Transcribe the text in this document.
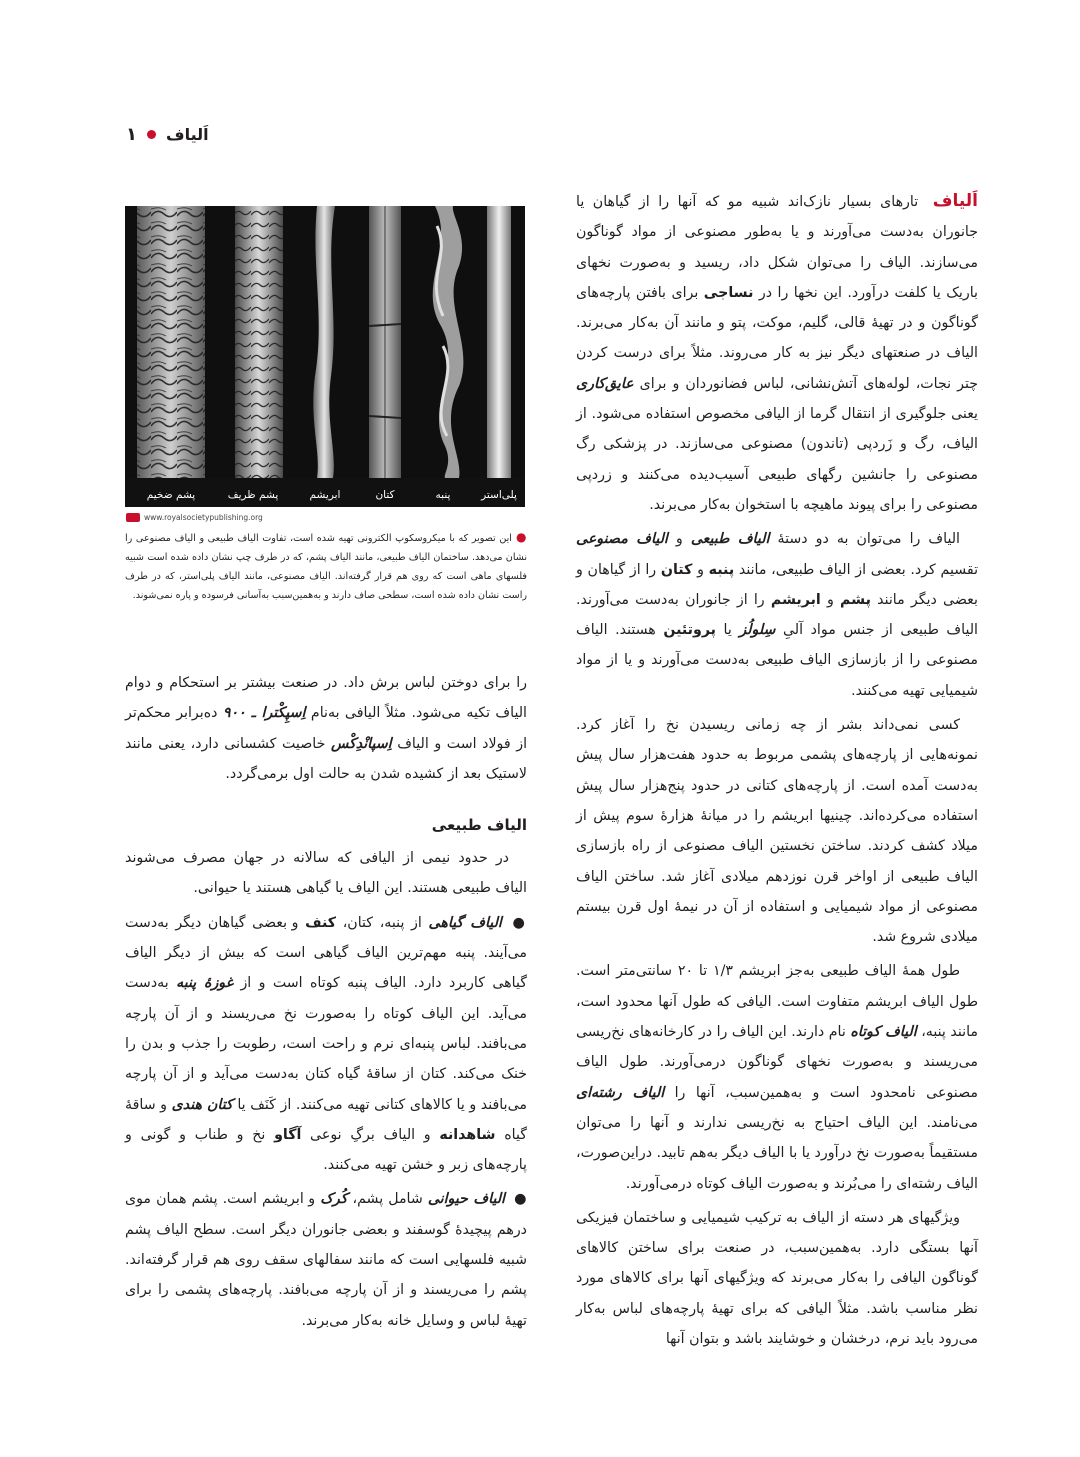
۱ اَلیاف

اَلیاف تارهای بسیار نازک‌اند شبیه مو که آنها را از گیاهان یا جانوران به‌دست می‌آورند و یا به‌طور مصنوعی از مواد گوناگون می‌سازند. الیاف را می‌توان شکل داد، ریسید و به‌صورت نخهای باریک یا کلفت درآورد. این نخها را در نساجی برای بافتن پارچه‌های گوناگون و در تهیهٔ قالی، گلیم، موکت، پتو و مانند آن به‌کار می‌برند. الیاف در صنعتهای دیگر نیز به کار می‌روند. مثلاً برای درست کردن چتر نجات، لوله‌های آتش‌نشانی، لباس فضانوردان و برای عایق‌کاری یعنی جلوگیری از انتقال گرما از الیافی مخصوص استفاده می‌شود. از الیاف، رگ و زَردپی (تاندون) مصنوعی می‌سازند. در پزشکی رگ مصنوعی را جانشین رگهای طبیعی آسیب‌دیده می‌کنند و زردپی مصنوعی را برای پیوند ماهیچه با استخوان به‌کار می‌برند.

الیاف را می‌توان به دو دستهٔ الیاف طبیعی و الیاف مصنوعی تقسیم کرد. بعضی از الیاف طبیعی، مانند پنبه و کتان را از گیاهان و بعضی دیگر مانند پشم و ابریشم را از جانوران به‌دست می‌آورند. الیاف طبیعی از جنس مواد آلیِ سِلولُز یا پروتئین هستند. الیاف مصنوعی را از بازسازی الیاف طبیعی به‌دست می‌آورند و یا از مواد شیمیایی تهیه می‌کنند.

کسی نمی‌داند بشر از چه زمانی ریسیدن نخ را آغاز کرد. نمونه‌هایی از پارچه‌های پشمی مربوط به حدود هفت‌هزار سال پیش به‌دست آمده است. از پارچه‌های کتانی در حدود پنج‌هزار سال پیش استفاده می‌کرده‌اند. چینیها ابریشم را در میانهٔ هزارهٔ سوم پیش از میلاد کشف کردند. ساختن نخستین الیاف مصنوعی از راه بازسازی الیاف طبیعی از اواخر قرن نوزدهم میلادی آغاز شد. ساختن الیاف مصنوعی از مواد شیمیایی و استفاده از آن در نیمهٔ اول قرن بیستم میلادی شروع شد.

طول همهٔ الیاف طبیعی به‌جز ابریشم ۱/۳ تا ۲۰ سانتی‌متر است. طول الیاف ابریشم متفاوت است. الیافی که طول آنها محدود است، مانند پنبه، الیاف کوتاه نام دارند. این الیاف را در کارخانه‌های نخ‌ریسی می‌ریسند و به‌صورت نخهای گوناگون درمی‌آورند. طول الیاف مصنوعی نامحدود است و به‌همین‌سبب، آنها را الیاف رشته‌ای می‌نامند. این الیاف احتیاج به نخ‌ریسی ندارند و آنها را می‌توان مستقیماً به‌صورت نخ درآورد یا با الیاف دیگر به‌هم تابید. دراین‌صورت، الیاف رشته‌ای را می‌بُرند و به‌صورت الیاف کوتاه درمی‌آورند.

ویژگیهای هر دسته از الیاف به ترکیب شیمیایی و ساختمان فیزیکی آنها بستگی دارد. به‌همین‌سبب، در صنعت برای ساختن کالاهای گوناگون الیافی را به‌کار می‌برند که ویژگیهای آنها برای کالاهای مورد نظر مناسب باشد. مثلاً الیافی که برای تهیهٔ پارچه‌های لباس به‌کار می‌رود باید نرم، درخشان و خوشایند باشد و بتوان آنها

پشم ضخیم	پشم ظریف	ابریشم	کتان	پنبه	پلی‌استر
www.royalsocietypublishing.org
●این تصویر که با میکروسکوپ الکترونی تهیه شده است، تفاوت الیاف طبیعی و الیاف مصنوعی را نشان می‌دهد. ساختمان الیاف طبیعی، مانند الیاف پشم، که در طرف چپ نشان داده شده است شبیه فلسهای ماهی است که روی هم قرار گرفته‌اند. الیاف مصنوعی، مانند الیاف پلی‌استر، که در طرف راست نشان داده شده است، سطحی صاف دارند و به‌همین‌سبب به‌آسانی فرسوده و پاره نمی‌شوند.

را برای دوختن لباس برش داد. در صنعت بیشتر بر استحکام و دوام الیاف تکیه می‌شود. مثلاً الیافی به‌نام اِسپِکْترا ـ ۹۰۰ ده‌برابر محکم‌تر از فولاد است و الیاف اِسپانْدِکْس خاصیت کشسانی دارد، یعنی مانند لاستیک بعد از کشیده شدن به حالت اول برمی‌گردد.

الیاف طبیعی

در حدود نیمی از الیافی که سالانه در جهان مصرف می‌شوند الیاف طبیعی هستند. این الیاف یا گیاهی هستند یا حیوانی.

● الیاف گیاهی از پنبه، کتان، کنف و بعضی گیاهان دیگر به‌دست می‌آیند. پنبه مهم‌ترین الیاف گیاهی است که بیش از دیگر الیاف گیاهی کاربرد دارد. الیاف پنبه کوتاه است و از غوزهٔ پنبه به‌دست می‌آید. این الیاف کوتاه را به‌صورت نخ می‌ریسند و از آن پارچه می‌بافند. لباس پنبه‌ای نرم و راحت است، رطوبت را جذب و بدن را خنک می‌کند. کتان از ساقهٔ گیاه کتان به‌دست می‌آید و از آن پارچه می‌بافند و یا کالاهای کتانی تهیه می‌کنند. از کَنَف یا کتان هندی و ساقهٔ گیاه شاهدانه و الیاف برگِ نوعی آگاو نخ و طناب و گونی و پارچه‌های زبر و خشن تهیه می‌کنند.

● الیاف حیوانی شامل پشم، کُرک و ابریشم است. پشم همان موی درهم پیچیدهٔ گوسفند و بعضی جانوران دیگر است. سطح الیاف پشم شبیه فلسهایی است که مانند سفالهای سقف روی هم قرار گرفته‌اند. پشم را می‌ریسند و از آن پارچه می‌بافند. پارچه‌های پشمی را برای تهیهٔ لباس و وسایل خانه به‌کار می‌برند.
